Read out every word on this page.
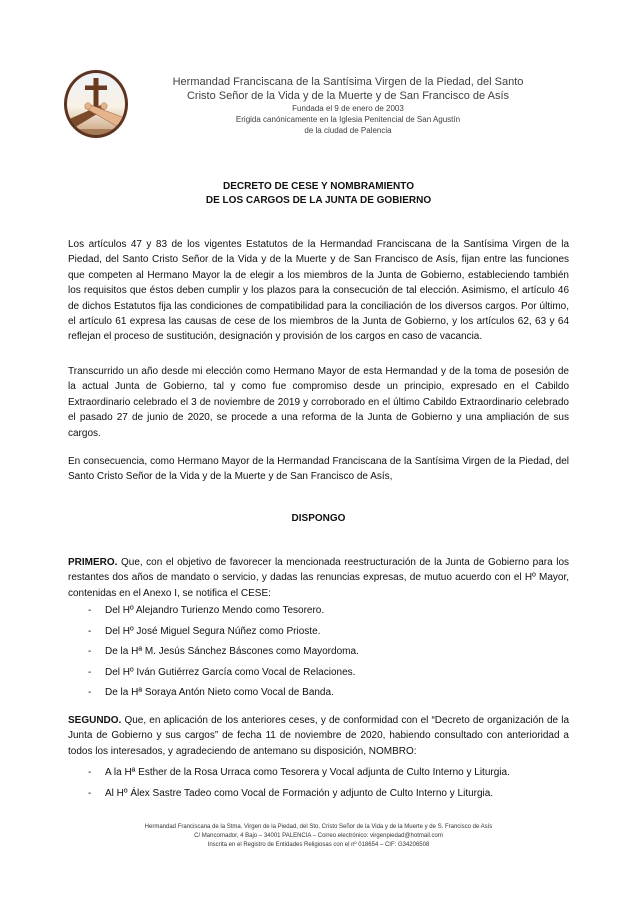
Hermandad Franciscana de la Santísima Virgen de la Piedad, del Santo
Cristo Señor de la Vida y de la Muerte y de San Francisco de Asís
Fundada el 9 de enero de 2003
Erigida canónicamente en la Iglesia Penitencial de San Agustín
de la ciudad de Palencia
DECRETO DE CESE Y NOMBRAMIENTO
DE LOS CARGOS DE LA JUNTA DE GOBIERNO

Los artículos 47 y 83 de los vigentes Estatutos de la Hermandad Franciscana de la Santísima Virgen de la Piedad, del Santo Cristo Señor de la Vida y de la Muerte y de San Francisco de Asís, fijan entre las funciones que competen al Hermano Mayor la de elegir a los miembros de la Junta de Gobierno, estableciendo también los requisitos que éstos deben cumplir y los plazos para la consecución de tal elección. Asimismo, el artículo 46 de dichos Estatutos fija las condiciones de compatibilidad para la conciliación de los diversos cargos. Por último, el artículo 61 expresa las causas de cese de los miembros de la Junta de Gobierno, y los artículos 62, 63 y 64 reflejan el proceso de sustitución, designación y provisión de los cargos en caso de vacancia.

Transcurrido un año desde mi elección como Hermano Mayor de esta Hermandad y de la toma de posesión de la actual Junta de Gobierno, tal y como fue compromiso desde un principio, expresado en el Cabildo Extraordinario celebrado el 3 de noviembre de 2019 y corroborado en el último Cabildo Extraordinario celebrado el pasado 27 de junio de 2020, se procede a una reforma de la Junta de Gobierno y una ampliación de sus cargos.

En consecuencia, como Hermano Mayor de la Hermandad Franciscana de la Santísima Virgen de la Piedad, del Santo Cristo Señor de la Vida y de la Muerte y de San Francisco de Asís,

DISPONGO

PRIMERO. Que, con el objetivo de favorecer la mencionada reestructuración de la Junta de Gobierno para los restantes dos años de mandato o servicio, y dadas las renuncias expresas, de mutuo acuerdo con el Hº Mayor, contenidas en el Anexo I, se notifica el CESE:

- Del Hº Alejandro Turienzo Mendo como Tesorero.
- Del Hº José Miguel Segura Núñez como Prioste.
- De la Hª M. Jesús Sánchez Báscones como Mayordoma.
- Del Hº Iván Gutiérrez García como Vocal de Relaciones.
- De la Hª Soraya Antón Nieto como Vocal de Banda.

SEGUNDO. Que, en aplicación de los anteriores ceses, y de conformidad con el “Decreto de organización de la Junta de Gobierno y sus cargos” de fecha 11 de noviembre de 2020, habiendo consultado con anterioridad a todos los interesados, y agradeciendo de antemano su disposición, NOMBRO:

- A la Hª Esther de la Rosa Urraca como Tesorera y Vocal adjunta de Culto Interno y Liturgia.
- Al Hº Álex Sastre Tadeo como Vocal de Formación y adjunto de Culto Interno y Liturgia.
Hermandad Franciscana de la Stma. Virgen de la Piedad, del Sto. Cristo Señor de la Vida y de la Muerte y de S. Francisco de Asís
C/ Mancornador, 4 Bajo – 34001 PALENCIA – Correo electrónico: virgenpiedad@hotmail.com
Inscrita en el Registro de Entidades Religiosas con el nº 018654 – CIF: G34206508
